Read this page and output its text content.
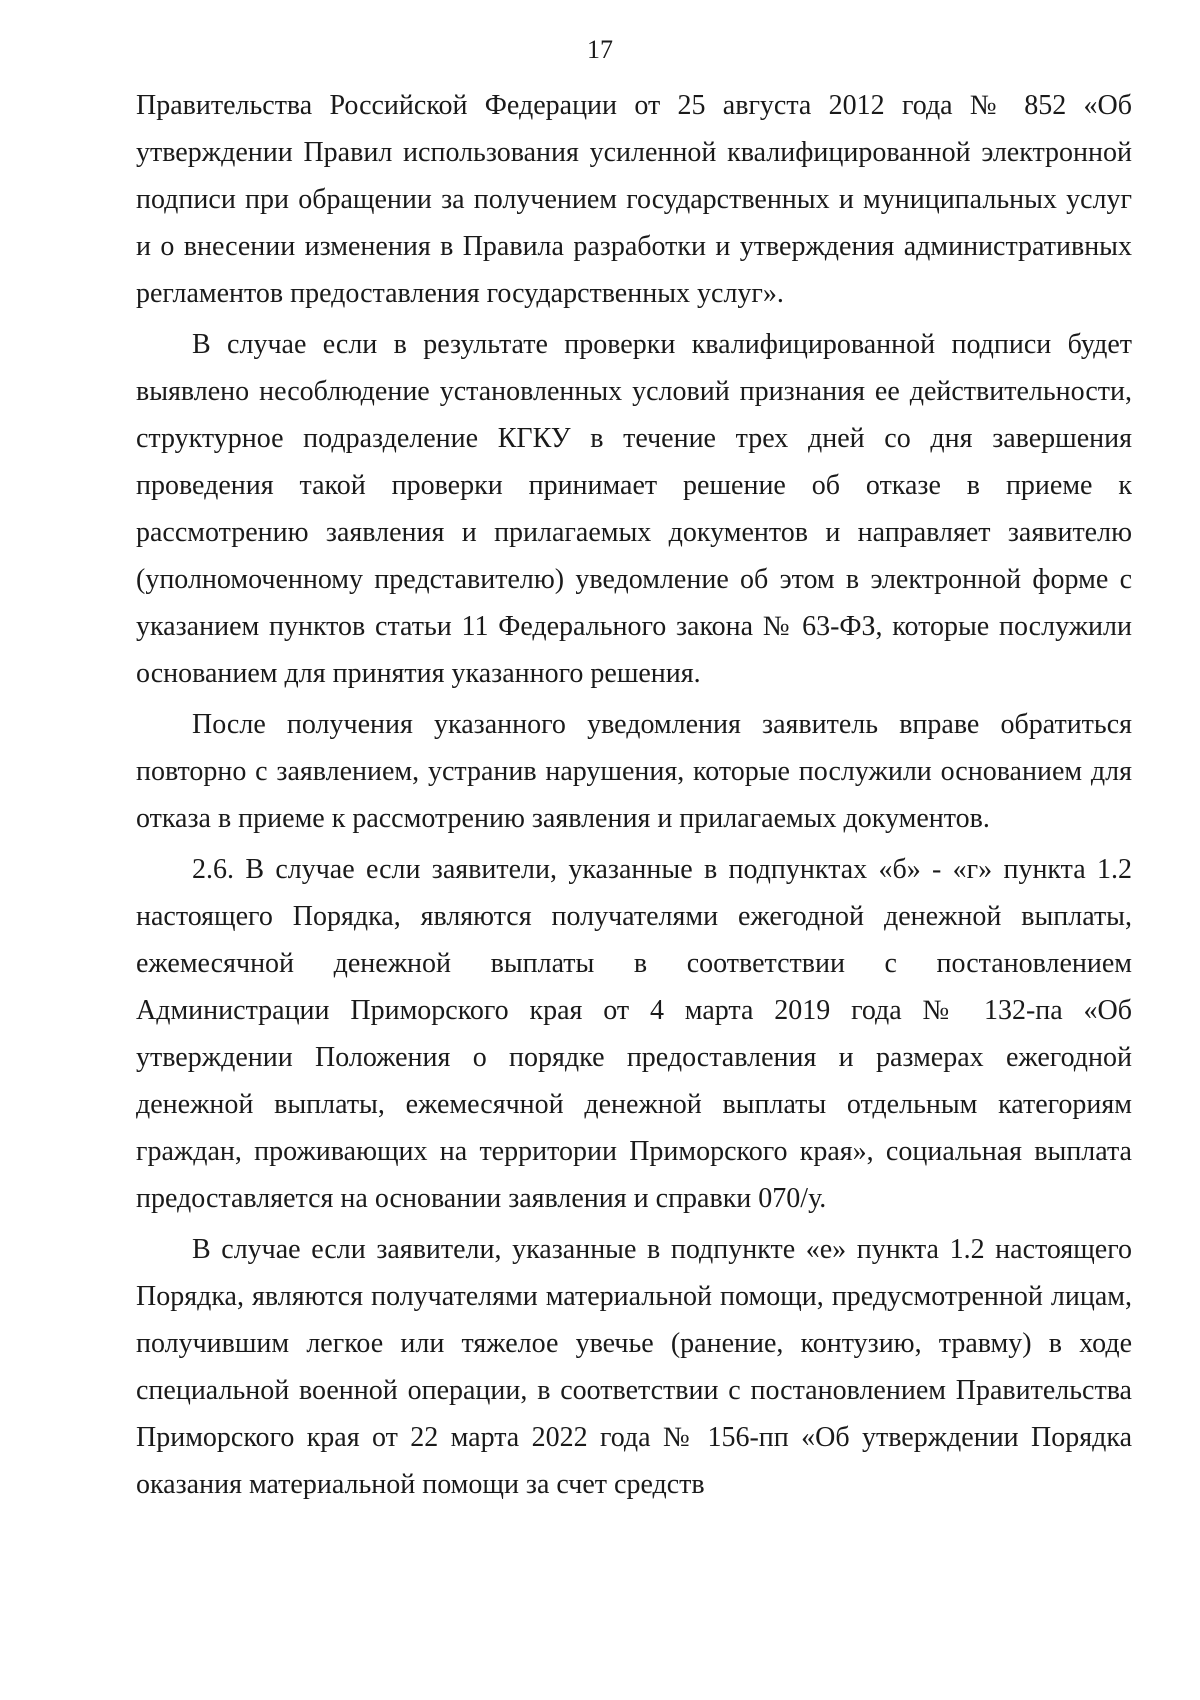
17

Правительства Российской Федерации от 25 августа 2012 года № 852 «Об утверждении Правил использования усиленной квалифицированной электронной подписи при обращении за получением государственных и муниципальных услуг и о внесении изменения в Правила разработки и утверждения административных регламентов предоставления государственных услуг».

В случае если в результате проверки квалифицированной подписи будет выявлено несоблюдение установленных условий признания ее действительности, структурное подразделение КГКУ в течение трех дней со дня завершения проведения такой проверки принимает решение об отказе в приеме к рассмотрению заявления и прилагаемых документов и направляет заявителю (уполномоченному представителю) уведомление об этом в электронной форме с указанием пунктов статьи 11 Федерального закона № 63-ФЗ, которые послужили основанием для принятия указанного решения.

После получения указанного уведомления заявитель вправе обратиться повторно с заявлением, устранив нарушения, которые послужили основанием для отказа в приеме к рассмотрению заявления и прилагаемых документов.

2.6. В случае если заявители, указанные в подпунктах «б» - «г» пункта 1.2 настоящего Порядка, являются получателями ежегодной денежной выплаты, ежемесячной денежной выплаты в соответствии с постановлением Администрации Приморского края от 4 марта 2019 года № 132-па «Об утверждении Положения о порядке предоставления и размерах ежегодной денежной выплаты, ежемесячной денежной выплаты отдельным категориям граждан, проживающих на территории Приморского края», социальная выплата предоставляется на основании заявления и справки 070/у.

В случае если заявители, указанные в подпункте «е» пункта 1.2 настоящего Порядка, являются получателями материальной помощи, предусмотренной лицам, получившим легкое или тяжелое увечье (ранение, контузию, травму) в ходе специальной военной операции, в соответствии с постановлением Правительства Приморского края от 22 марта 2022 года № 156-пп «Об утверждении Порядка оказания материальной помощи за счет средств
